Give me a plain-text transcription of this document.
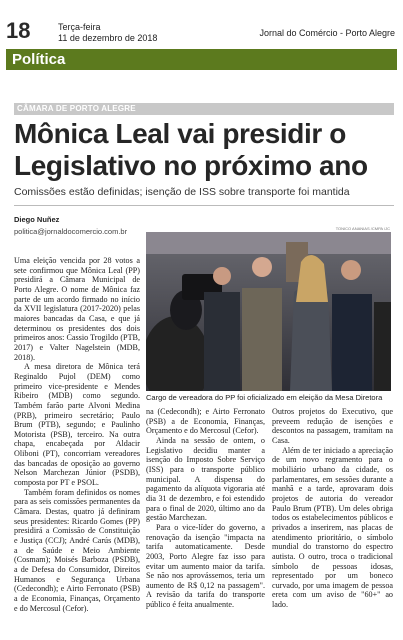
18	Terça-feira
11 de dezembro de 2018	Jornal do Comércio - Porto Alegre
Política
CÂMARA DE PORTO ALEGRE
Mônica Leal vai presidir o Legislativo no próximo ano
Comissões estão definidas; isenção de ISS sobre transporte foi mantida
Diego Nuñez
politica@jornaldocomercio.com.br	TONICO ANANIAS /CMPA /JC
Cargo de vereadora do PP foi oficializado em eleição da Mesa Diretora

Uma eleição vencida por 28 votos a sete confirmou que Mônica Leal (PP) presidirá a Câmara Municipal de Porto Alegre. O nome de Mônica faz parte de um acordo firmado no início da XVII legislatura (2017-2020) pelas maiores bancadas da Casa, e que já determinou os presidentes dos dois primeiros anos: Cassio Trogildo (PTB, 2017) e Valter Nagelstein (MDB, 2018).

A mesa diretora de Mônica terá Reginaldo Pujol (DEM) como primeiro vice-presidente e Mendes Ribeiro (MDB) como segundo. Também farão parte Alvoni Medina (PRB), primeiro secretário; Paulo Brum (PTB), segundo; e Paulinho Motorista (PSB), terceiro. Na outra chapa, encabeçada por Aldacir Oliboni (PT), concorriam vereadores das bancadas de oposição ao governo Nelson Marchezan Júnior (PSDB), composta por PT e PSOL.

Também foram definidos os nomes para as seis comissões permanentes da Câmara. Destas, quatro já definiram seus presidentes: Ricardo Gomes (PP) presidirá a Comissão de Constituição e Justiça (CCJ); André Carús (MDB), a de Saúde e Meio Ambiente (Cosmam); Moisés Barboza (PSDB), a de Defesa do Consumidor, Direitos Humanos e Segurança Urbana (Cedecondh); e Airto Ferronato (PSB) a de Economia, Finanças, Orçamento e do Mercosul (Cefor).

na (Cedecondh); e Airto Ferronato (PSB) a de Economia, Finanças, Orçamento e do Mercosul (Cefor).

Ainda na sessão de ontem, o Legislativo decidiu manter a isenção do Imposto Sobre Serviço (ISS) para o transporte público municipal. A dispensa do pagamento da alíquota vigoraria até dia 31 de dezembro, e foi estendido para o final de 2020, último ano da gestão Marchezan.

Para o vice-líder do governo, a renovação da isenção "impacta na tarifa automaticamente. Desde 2003, Porto Alegre faz isso para evitar um aumento maior da tarifa. Se não nos aprovássemos, teria um aumento de R$ 0,12 na passagem". A revisão da tarifa do transporte público é feita anualmente.

Outros projetos do Executivo, que preveem redução de isenções e descontos na passagem, tramitam na Casa.

Além de ter iniciado a apreciação de um novo regramento para o mobiliário urbano da cidade, os parlamentares, em sessões durante a manhã e a tarde, aprovaram dois projetos de autoria do vereador Paulo Brum (PTB). Um deles obriga todos os estabelecimentos públicos e privados a inserirem, nas placas de atendimento prioritário, o símbolo mundial do transtorno do espectro autista. O outro, troca o tradicional símbolo de pessoas idosas, representado por um boneco curvado, por uma imagem de pessoa ereta com um aviso de "60+" ao lado.
